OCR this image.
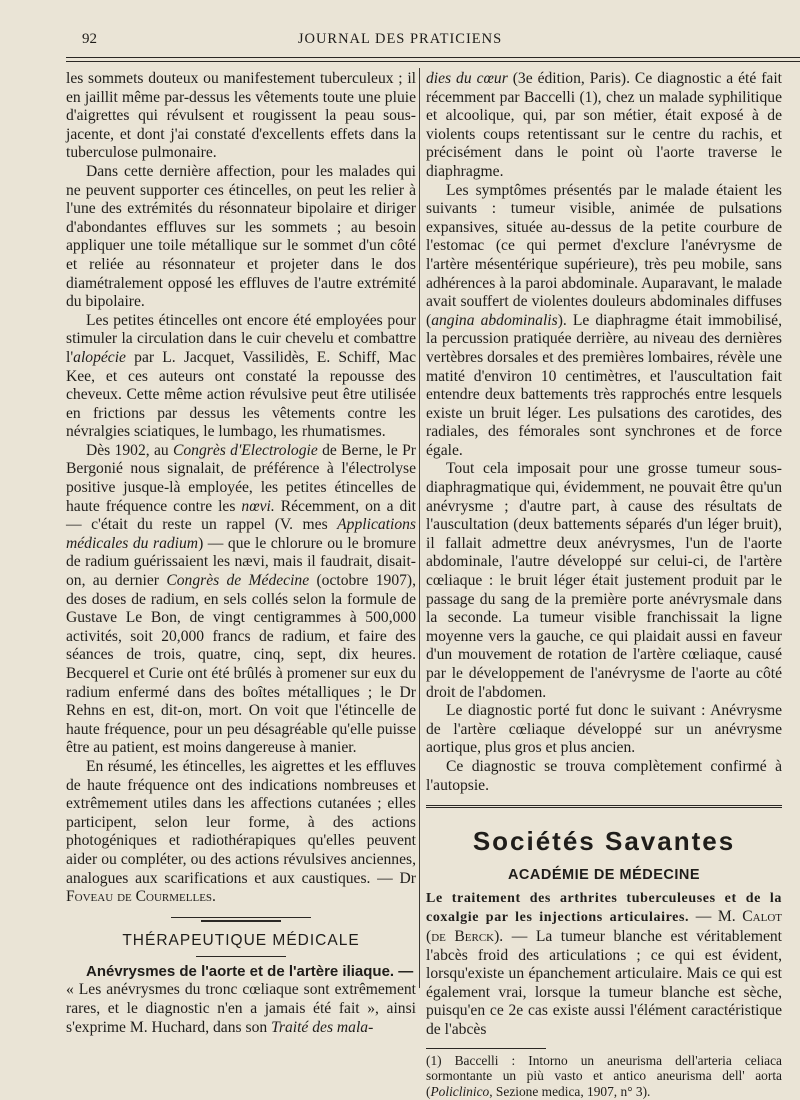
92	JOURNAL DES PRATICIENS

les sommets douteux ou manifestement tuberculeux ; il en jaillit même par-dessus les vêtements toute une pluie d'aigrettes qui révulsent et rougissent la peau sous-jacente, et dont j'ai constaté d'excellents effets dans la tuberculose pulmonaire.

Dans cette dernière affection, pour les malades qui ne peuvent supporter ces étincelles, on peut les relier à l'une des extrémités du résonnateur bipolaire et diriger d'abondantes effluves sur les sommets ; au besoin appliquer une toile métallique sur le sommet d'un côté et reliée au résonnateur et projeter dans le dos diamétralement opposé les effluves de l'autre extrémité du bipolaire.

Les petites étincelles ont encore été employées pour stimuler la circulation dans le cuir chevelu et combattre l'alopécie par L. Jacquet, Vassilidès, E. Schiff, Mac Kee, et ces auteurs ont constaté la repousse des cheveux. Cette même action révulsive peut être utilisée en frictions par dessus les vêtements contre les névralgies sciatiques, le lumbago, les rhumatismes.

Dès 1902, au Congrès d'Electrologie de Berne, le Pr Bergonié nous signalait, de préférence à l'électrolyse positive jusque-là employée, les petites étincelles de haute fréquence contre les nœvi. Récemment, on a dit — c'était du reste un rappel (V. mes Applications médicales du radium) — que le chlorure ou le bromure de radium guérissaient les nævi, mais il faudrait, disait-on, au dernier Congrès de Médecine (octobre 1907), des doses de radium, en sels collés selon la formule de Gustave Le Bon, de vingt centigrammes à 500,000 activités, soit 20,000 francs de radium, et faire des séances de trois, quatre, cinq, sept, dix heures. Becquerel et Curie ont été brûlés à promener sur eux du radium enfermé dans des boîtes métalliques ; le Dr Rehns en est, dit-on, mort. On voit que l'étincelle de haute fréquence, pour un peu désagréable qu'elle puisse être au patient, est moins dangereuse à manier.

En résumé, les étincelles, les aigrettes et les effluves de haute fréquence ont des indications nombreuses et extrêmement utiles dans les affections cutanées ; elles participent, selon leur forme, à des actions photogéniques et radiothérapiques qu'elles peuvent aider ou compléter, ou des actions révulsives anciennes, analogues aux scarifications et aux caustiques. — Dr Foveau de Courmelles.

THÉRAPEUTIQUE MÉDICALE

Anévrysmes de l'aorte et de l'artère iliaque. —

« Les anévrysmes du tronc cœliaque sont extrêmement rares, et le diagnostic n'en a jamais été fait », ainsi s'exprime M. Huchard, dans son Traité des mala-

dies du cœur (3e édition, Paris). Ce diagnostic a été fait récemment par Baccelli (1), chez un malade syphilitique et alcoolique, qui, par son métier, était exposé à de violents coups retentissant sur le centre du rachis, et précisément dans le point où l'aorte traverse le diaphragme.

Les symptômes présentés par le malade étaient les suivants : tumeur visible, animée de pulsations expansives, située au-dessus de la petite courbure de l'estomac (ce qui permet d'exclure l'anévrysme de l'artère mésentérique supérieure), très peu mobile, sans adhérences à la paroi abdominale. Auparavant, le malade avait souffert de violentes douleurs abdominales diffuses (angina abdominalis). Le diaphragme était immobilisé, la percussion pratiquée derrière, au niveau des dernières vertèbres dorsales et des premières lombaires, révèle une matité d'environ 10 centimètres, et l'auscultation fait entendre deux battements très rapprochés entre lesquels existe un bruit léger. Les pulsations des carotides, des radiales, des fémorales sont synchrones et de force égale.

Tout cela imposait pour une grosse tumeur sous-diaphragmatique qui, évidemment, ne pouvait être qu'un anévrysme ; d'autre part, à cause des résultats de l'auscultation (deux battements séparés d'un léger bruit), il fallait admettre deux anévrysmes, l'un de l'aorte abdominale, l'autre développé sur celui-ci, de l'artère cœliaque : le bruit léger était justement produit par le passage du sang de la première porte anévrysmale dans la seconde. La tumeur visible franchissait la ligne moyenne vers la gauche, ce qui plaidait aussi en faveur d'un mouvement de rotation de l'artère cœliaque, causé par le développement de l'anévrysme de l'aorte au côté droit de l'abdomen.

Le diagnostic porté fut donc le suivant : Anévrysme de l'artère cœliaque développé sur un anévrysme aortique, plus gros et plus ancien.

Ce diagnostic se trouva complètement confirmé à l'autopsie.

Sociétés Savantes
ACADÉMIE DE MÉDECINE

Le traitement des arthrites tuberculeuses et de la coxalgie par les injections articulaires. — M. Calot (de Berck). — La tumeur blanche est véritablement l'abcès froid des articulations ; ce qui est évident, lorsqu'existe un épanchement articulaire. Mais ce qui est également vrai, lorsque la tumeur blanche est sèche, puisqu'en ce 2e cas existe aussi l'élément caractéristique de l'abcès

(1) Baccelli : Intorno un aneurisma dell'arteria celiaca sormontante un più vasto et antico aneurisma dell' aorta (Policlinico, Sezione medica, 1907, n° 3).
